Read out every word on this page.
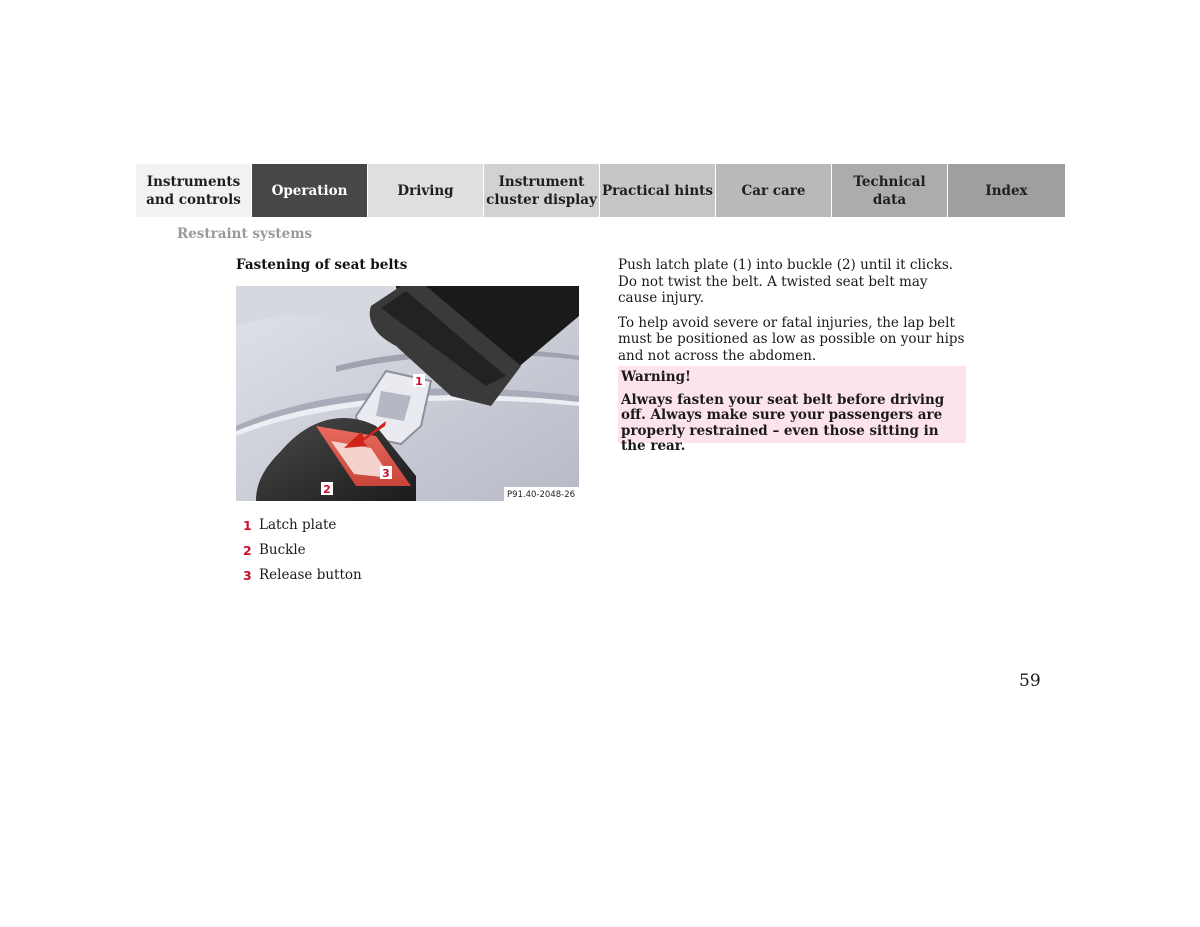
Instruments
and controls
Operation	Driving
Instrument
cluster display
Practical hints Car care
Technical
data
Index
Restraint systems
Fastening of seat belts
1
2
3
P91.40-2048-26
1 Latch plate
2 Buckle
3 Release button

Push latch plate (1) into buckle (2) until it clicks. Do not twist the belt. A twisted seat belt may cause injury.

To help avoid severe or fatal injuries, the lap belt must be positioned as low as possible on your hips and not across the abdomen.

Warning!
Always fasten your seat belt before driving off. Always make sure your passengers are properly restrained – even those sitting in the rear.
59
